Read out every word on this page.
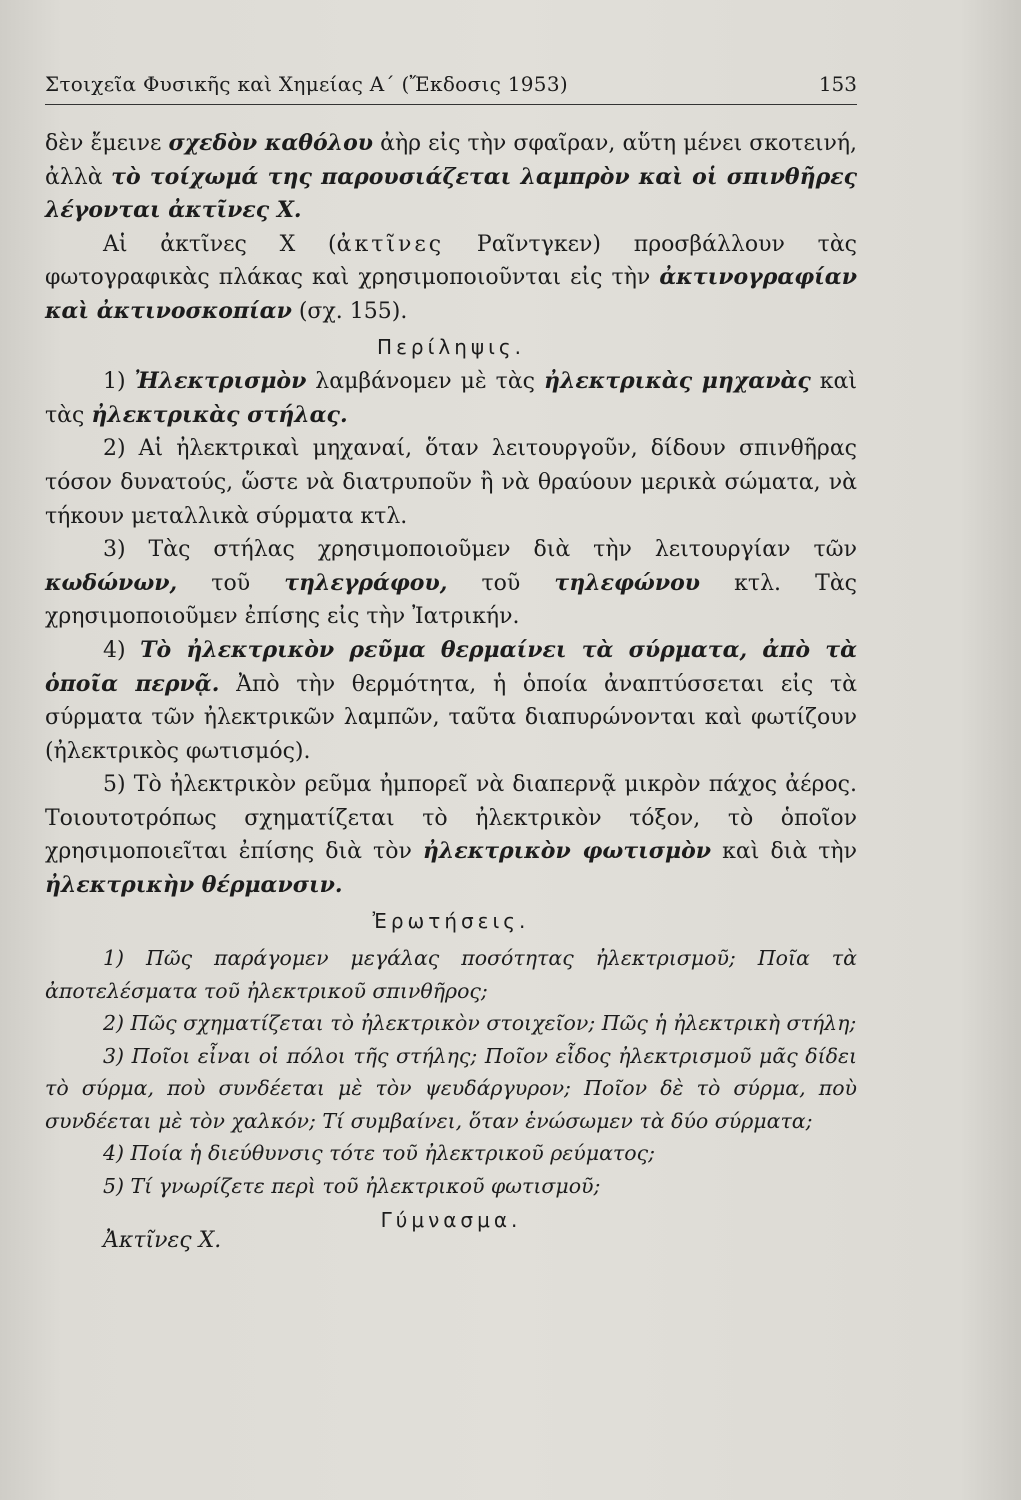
Στοιχεῖα Φυσικῆς καὶ Χημείας Α΄ (Ἔκδοσις 1953)	153

δὲν ἔμεινε σχεδὸν καθόλου ἀὴρ εἰς τὴν σφαῖραν, αὕτη μένει σκοτεινή, ἀλλὰ τὸ τοίχωμά της παρουσιάζεται λαμπρὸν καὶ οἱ σπινθῆρες λέγονται ἀκτῖνες Χ.

Αἱ ἀκτῖνες Χ (ἀκτῖνες Ραῖντγκεν) προσβάλλουν τὰς φωτογραφικὰς πλάκας καὶ χρησιμοποιοῦνται εἰς τὴν ἀκτινογραφίαν καὶ ἀκτινοσκοπίαν (σχ. 155).

Περίληψις.

1) Ἠλεκτρισμὸν λαμβάνομεν μὲ τὰς ἠλεκτρικὰς μηχανὰς καὶ τὰς ἠλεκτρικὰς στήλας.

2) Αἱ ἠλεκτρικαὶ μηχαναί, ὅταν λειτουργοῦν, δίδουν σπινθῆρας τόσον δυνατούς, ὥστε νὰ διατρυποῦν ἢ νὰ θραύουν μερικὰ σώματα, νὰ τήκουν μεταλλικὰ σύρματα κτλ.

3) Τὰς στήλας χρησιμοποιοῦμεν διὰ τὴν λειτουργίαν τῶν κωδώνων, τοῦ τηλεγράφου, τοῦ τηλεφώνου κτλ. Τὰς χρησιμοποιοῦμεν ἐπίσης εἰς τὴν Ἰατρικήν.

4) Τὸ ἠλεκτρικὸν ρεῦμα θερμαίνει τὰ σύρματα, ἀπὸ τὰ ὁποῖα περνᾷ. Ἀπὸ τὴν θερμότητα, ἡ ὁποία ἀναπτύσσεται εἰς τὰ σύρματα τῶν ἠλεκτρικῶν λαμπῶν, ταῦτα διαπυρώνονται καὶ φωτίζουν (ἠλεκτρικὸς φωτισμός).

5) Τὸ ἠλεκτρικὸν ρεῦμα ἠμπορεῖ νὰ διαπερνᾷ μικρὸν πάχος ἀέρος. Τοιουτοτρόπως σχηματίζεται τὸ ἠλεκτρικὸν τόξον, τὸ ὁποῖον χρησιμοποιεῖται ἐπίσης διὰ τὸν ἠλεκτρικὸν φωτισμὸν καὶ διὰ τὴν ἠλεκτρικὴν θέρμανσιν.

Ἐρωτήσεις.

1) Πῶς παράγομεν μεγάλας ποσότητας ἠλεκτρισμοῦ; Ποῖα τὰ ἀποτελέσματα τοῦ ἠλεκτρικοῦ σπινθῆρος;

2) Πῶς σχηματίζεται τὸ ἠλεκτρικὸν στοιχεῖον; Πῶς ἡ ἠλεκτρικὴ στήλη;

3) Ποῖοι εἶναι οἱ πόλοι τῆς στήλης; Ποῖον εἶδος ἠλεκτρισμοῦ μᾶς δίδει τὸ σύρμα, ποὺ συνδέεται μὲ τὸν ψευδάργυρον; Ποῖον δὲ τὸ σύρμα, ποὺ συνδέεται μὲ τὸν χαλκόν; Τί συμβαίνει, ὅταν ἑνώσωμεν τὰ δύο σύρματα;

4) Ποία ἡ διεύθυνσις τότε τοῦ ἠλεκτρικοῦ ρεύματος;

5) Τί γνωρίζετε περὶ τοῦ ἠλεκτρικοῦ φωτισμοῦ;

Γύμνασμα.
Ἀκτῖνες Χ.
